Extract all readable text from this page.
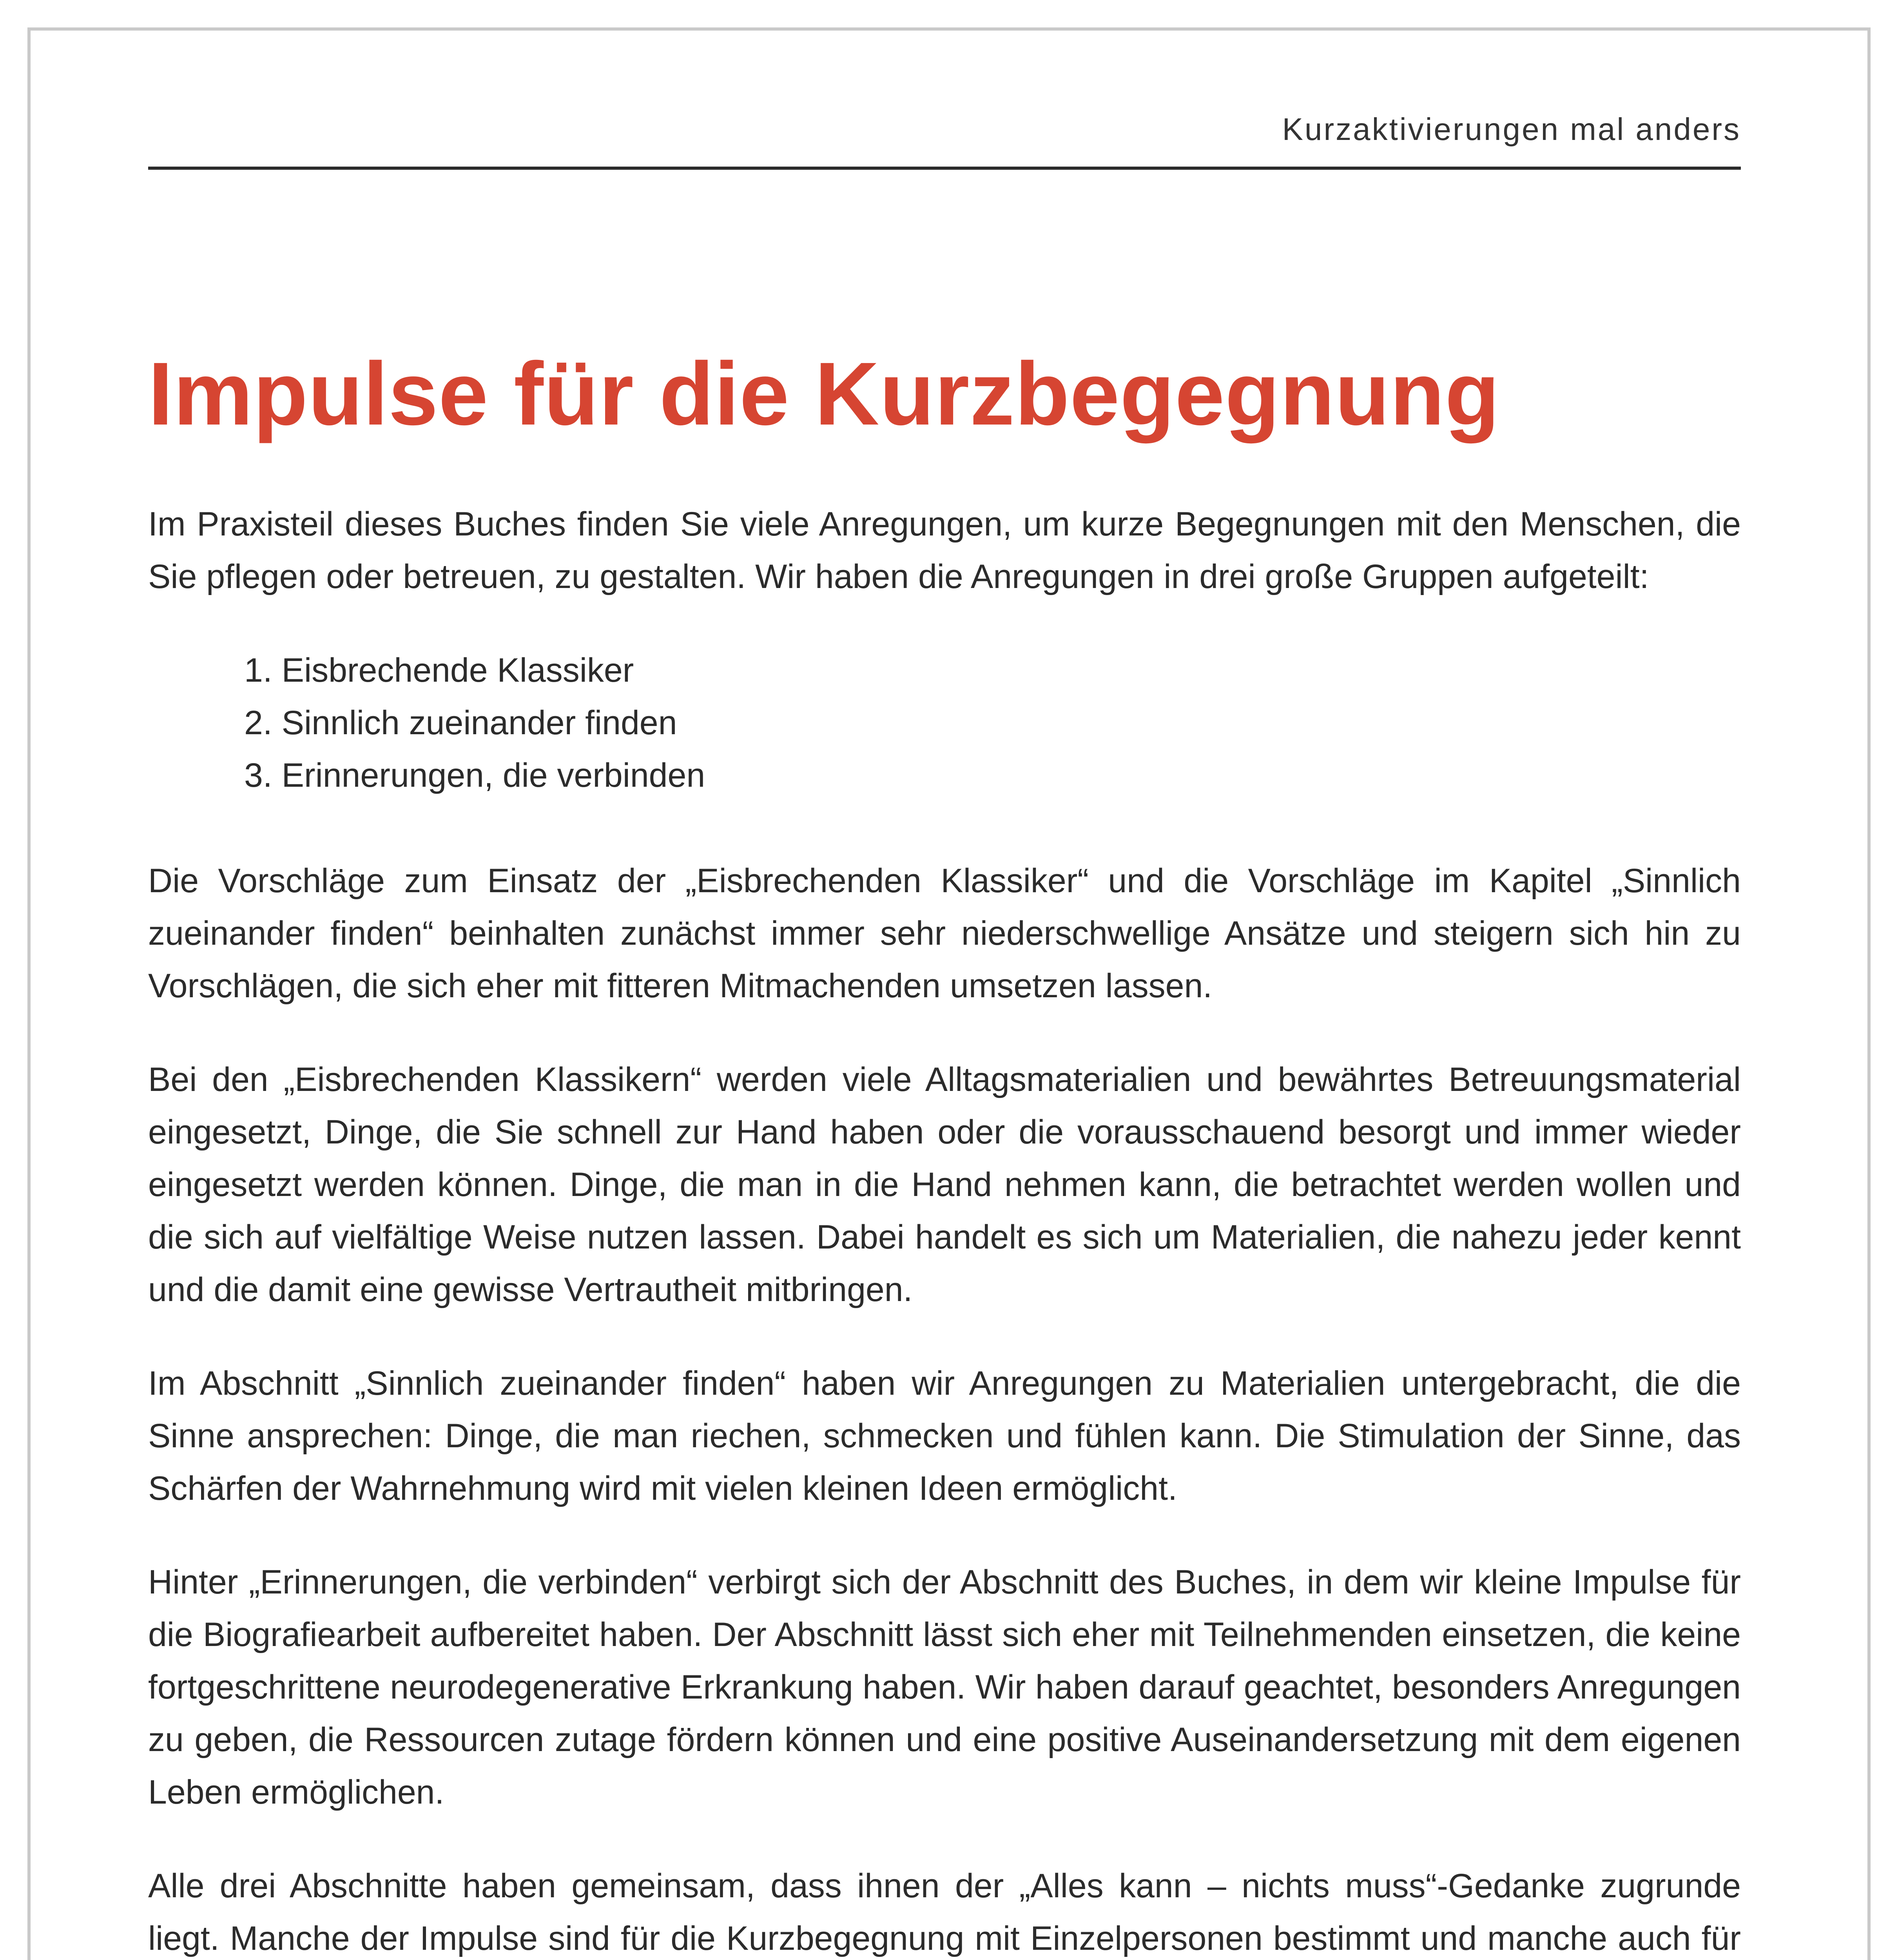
Kurzaktivierungen mal anders
Impulse für die Kurzbegegnung

Im Praxisteil dieses Buches finden Sie viele Anregungen, um kurze Begegnungen mit den Menschen, die Sie pflegen oder betreuen, zu gestalten. Wir haben die Anregungen in drei große Gruppen aufgeteilt:

1. Eisbrechende Klassiker
2. Sinnlich zueinander finden
3. Erinnerungen, die verbinden

Die Vorschläge zum Einsatz der „Eisbrechenden Klassiker“ und die Vorschläge im Kapitel „Sinnlich zueinander finden“ beinhalten zunächst immer sehr niederschwellige Ansätze und steigern sich hin zu Vorschlägen, die sich eher mit fitteren Mitmachenden umsetzen lassen.

Bei den „Eisbrechenden Klassikern“ werden viele Alltagsmaterialien und bewährtes Betreuungsmaterial eingesetzt, Dinge, die Sie schnell zur Hand haben oder die vorausschauend besorgt und immer wieder eingesetzt werden können. Dinge, die man in die Hand nehmen kann, die betrachtet werden wollen und die sich auf vielfältige Weise nutzen lassen. Dabei handelt es sich um Materialien, die nahezu jeder kennt und die damit eine gewisse Vertrautheit mitbringen.

Im Abschnitt „Sinnlich zueinander finden“ haben wir Anregungen zu Materialien untergebracht, die die Sinne ansprechen: Dinge, die man riechen, schmecken und fühlen kann. Die Stimulation der Sinne, das Schärfen der Wahrnehmung wird mit vielen kleinen Ideen ermöglicht.

Hinter „Erinnerungen, die verbinden“ verbirgt sich der Abschnitt des Buches, in dem wir kleine Impulse für die Biografiearbeit aufbereitet haben. Der Abschnitt lässt sich eher mit Teilnehmenden einsetzen, die keine fortgeschrittene neurodegenerative Erkrankung haben. Wir haben darauf geachtet, besonders Anregungen zu geben, die Ressourcen zutage fördern können und eine positive Auseinandersetzung mit dem eigenen Leben ermöglichen.

Alle drei Abschnitte haben gemeinsam, dass ihnen der „Alles kann – nichts muss“-Gedanke zugrunde liegt. Manche der Impulse sind für die Kurzbegegnung mit Einzelpersonen bestimmt und manche auch für
